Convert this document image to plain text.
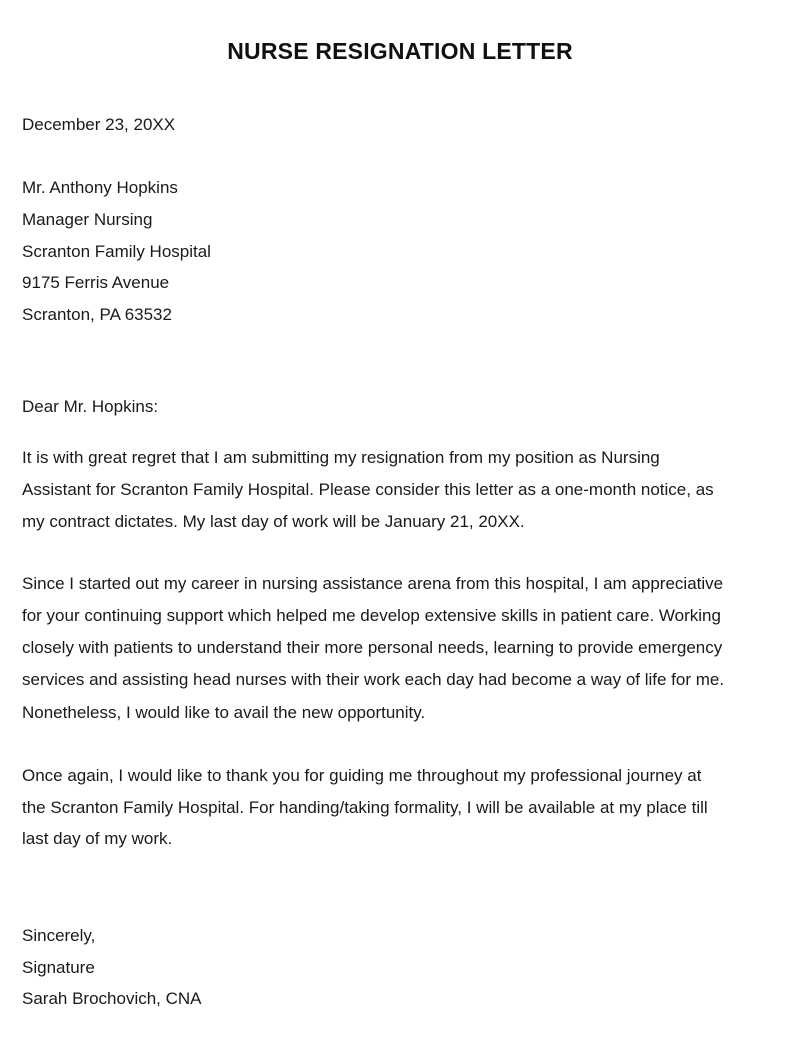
NURSE RESIGNATION LETTER
December 23, 20XX
Mr. Anthony Hopkins
Manager Nursing
Scranton Family Hospital
9175 Ferris Avenue
Scranton, PA 63532
Dear Mr. Hopkins:
It is with great regret that I am submitting my resignation from my position as Nursing
Assistant for Scranton Family Hospital. Please consider this letter as a one-month notice, as
my contract dictates. My last day of work will be January 21, 20XX.
Since I started out my career in nursing assistance arena from this hospital, I am appreciative
for your continuing support which helped me develop extensive skills in patient care. Working
closely with patients to understand their more personal needs, learning to provide emergency
services and assisting head nurses with their work each day had become a way of life for me.
Nonetheless, I would like to avail the new opportunity.
Once again, I would like to thank you for guiding me throughout my professional journey at
the Scranton Family Hospital. For handing/taking formality, I will be available at my place till
last day of my work.
Sincerely,
Signature
Sarah Brochovich, CNA
